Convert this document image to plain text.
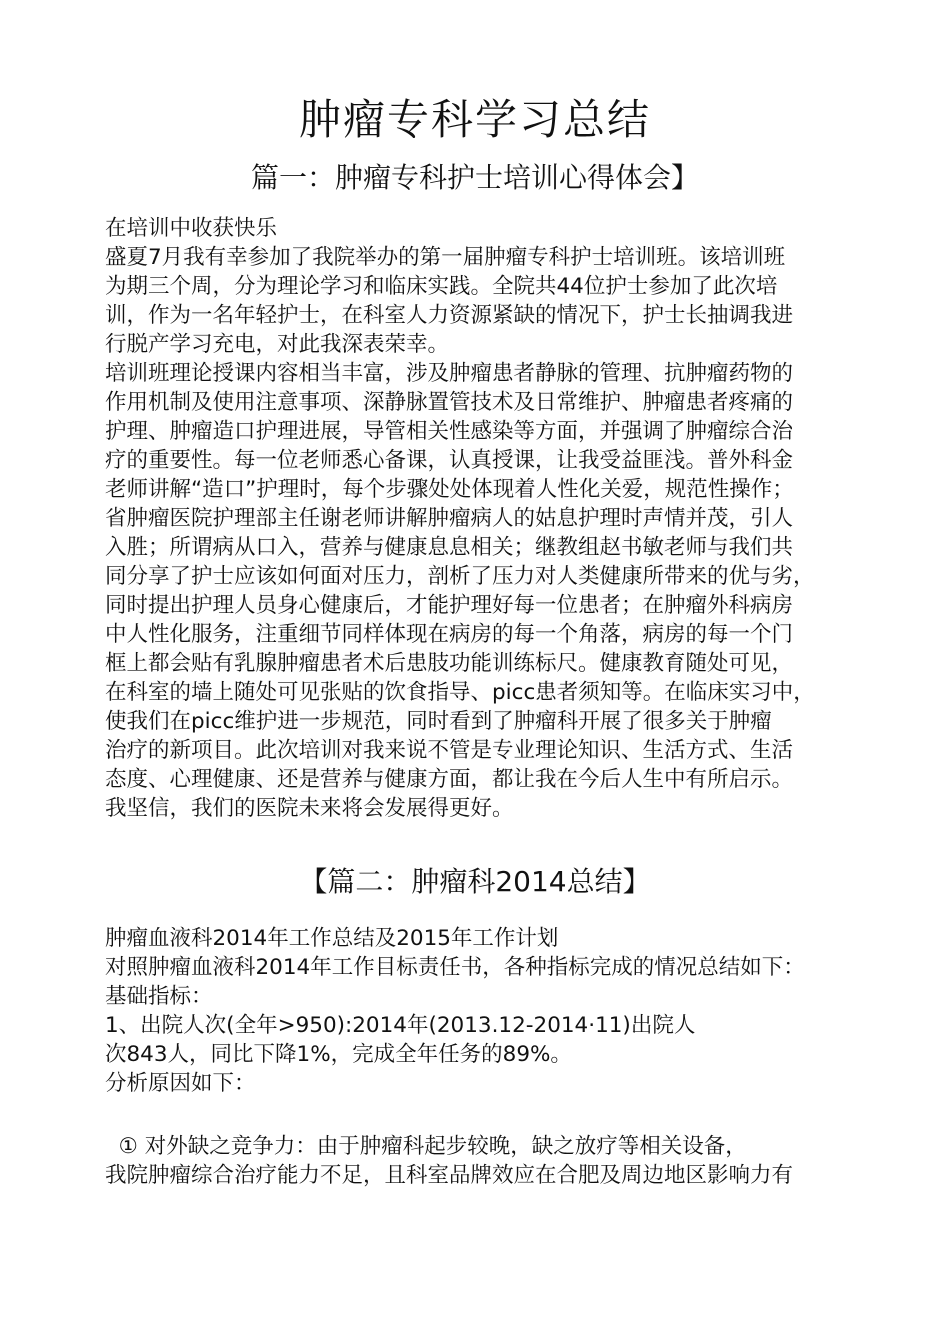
肿瘤专科学习总结
篇一：肿瘤专科护士培训心得体会】
在培训中收获快乐
盛夏7月我有幸参加了我院举办的第一届肿瘤专科护士培训班。该培训班
为期三个周，分为理论学习和临床实践。全院共44位护士参加了此次培
训，作为一名年轻护士，在科室人力资源紧缺的情况下，护士长抽调我进
行脱产学习充电，对此我深表荣幸。
培训班理论授课内容相当丰富，涉及肿瘤患者静脉的管理、抗肿瘤药物的
作用机制及使用注意事项、深静脉置管技术及日常维护、肿瘤患者疼痛的
护理、肿瘤造口护理进展，导管相关性感染等方面，并强调了肿瘤综合治
疗的重要性。每一位老师悉心备课，认真授课，让我受益匪浅。普外科金
老师讲解“造口”护理时，每个步骤处处体现着人性化关爱，规范性操作；
省肿瘤医院护理部主任谢老师讲解肿瘤病人的姑息护理时声情并茂，引人
入胜；所谓病从口入，营养与健康息息相关；继教组赵书敏老师与我们共
同分享了护士应该如何面对压力，剖析了压力对人类健康所带来的优与劣，
同时提出护理人员身心健康后，才能护理好每一位患者；在肿瘤外科病房
中人性化服务，注重细节同样体现在病房的每一个角落，病房的每一个门
框上都会贴有乳腺肿瘤患者术后患肢功能训练标尺。健康教育随处可见，
在科室的墙上随处可见张贴的饮食指导、picc患者须知等。在临床实习中，
使我们在picc维护进一步规范，同时看到了肿瘤科开展了很多关于肿瘤
治疗的新项目。此次培训对我来说不管是专业理论知识、生活方式、生活
态度、心理健康、还是营养与健康方面，都让我在今后人生中有所启示。
我坚信，我们的医院未来将会发展得更好。
【篇二：肿瘤科2014总结】
肿瘤血液科2014年工作总结及2015年工作计划
对照肿瘤血液科2014年工作目标责任书，各种指标完成的情况总结如下：
基础指标：
1、出院人次(全年>950):2014年(2013.12-2014·11)出院人
次843人，同比下降1%，完成全年任务的89%。
分析原因如下：
① 对外缺之竞争力：由于肿瘤科起步较晚，缺之放疗等相关设备，
我院肿瘤综合治疗能力不足，且科室品牌效应在合肥及周边地区影响力有
